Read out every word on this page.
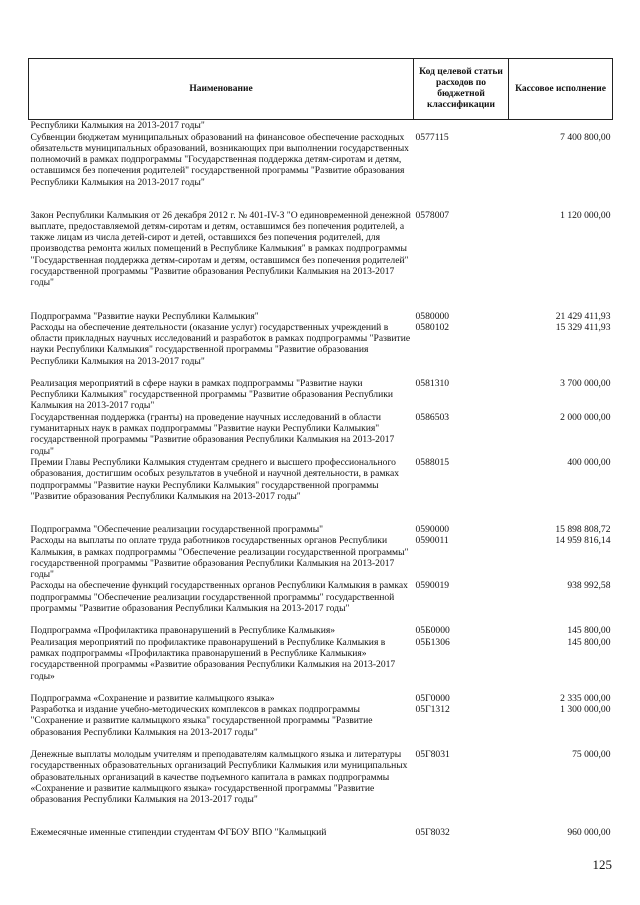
Наименование	Код целевой статьи расходов по бюджетной классификации	Кассовое исполнение
Республики Калмыкия на 2013-2017 годы"		
Субвенции бюджетам муниципальных образований на финансовое обеспечение расходных обязательств муниципальных образований, возникающих при выполнении государственных полномочий в рамках подпрограммы "Государственная поддержка детям-сиротам и детям, оставшимся без попечения родителей" государственной программы "Развитие образования Республики Калмыкия на 2013-2017 годы"	0577115	7 400 800,00
Закон Республики Калмыкия от 26 декабря 2012 г. № 401-IV-З "О единовременной денежной выплате, предоставляемой детям-сиротам и детям, оставшимся без попечения родителей, а также лицам из числа детей-сирот и детей, оставшихся без попечения родителей, для производства ремонта жилых помещений в Республике Калмыкия" в рамках подпрограммы "Государственная поддержка детям-сиротам и детям, оставшимся без попечения родителей" государственной программы "Развитие образования Республики Калмыкия на 2013-2017 годы"	0578007	1 120 000,00
Подпрограмма "Развитие науки Республики Калмыкия"	0580000	21 429 411,93
Расходы на обеспечение деятельности (оказание услуг) государственных учреждений в области прикладных научных исследований и разработок в рамках подпрограммы "Развитие науки Республики Калмыкия" государственной программы "Развитие образования Республики Калмыкия на 2013-2017 годы"	0580102	15 329 411,93
Реализация мероприятий в сфере науки в рамках подпрограммы "Развитие науки Республики Калмыкия" государственной программы "Развитие образования Республики Калмыкия на 2013-2017 годы"	0581310	3 700 000,00
Государственная поддержка (гранты) на проведение научных исследований в области гуманитарных наук в рамках подпрограммы "Развитие науки Республики Калмыкия" государственной программы "Развитие образования Республики Калмыкия на 2013-2017 годы"	0586503	2 000 000,00
Премии Главы Республики Калмыкия студентам среднего и высшего профессионального образования, достигшим особых результатов в учебной и научной деятельности, в рамках подпрограммы "Развитие науки Республики Калмыкия" государственной программы "Развитие образования Республики Калмыкия на 2013-2017 годы"	0588015	400 000,00
Подпрограмма "Обеспечение реализации государственной программы"	0590000	15 898 808,72
Расходы на выплаты по оплате труда работников государственных органов Республики Калмыкия, в рамках подпрограммы "Обеспечение реализации государственной программы" государственной программы "Развитие образования Республики Калмыкия на 2013-2017 годы"	0590011	14 959 816,14
Расходы на обеспечение функций государственных органов Республики Калмыкия в рамках подпрограммы "Обеспечение реализации государственной программы" государственной программы "Развитие образования Республики Калмыкия на 2013-2017 годы"	0590019	938 992,58
Подпрограмма «Профилактика правонарушений в Республике Калмыкия»	05Б0000	145 800,00
Реализация мероприятий по профилактике правонарушений в Республике Калмыкия в рамках подпрограммы «Профилактика правонарушений в Республике Калмыкия» государственной программы «Развитие образования Республики Калмыкия на 2013-2017 годы»	05Б1306	145 800,00
Подпрограмма «Сохранение и развитие калмыцкого языка»	05Г0000	2 335 000,00
Разработка и издание учебно-методических комплексов в рамках подпрограммы "Сохранение и развитие калмыцкого языка" государственной программы "Развитие образования Республики Калмыкия на 2013-2017 годы"	05Г1312	1 300 000,00
Денежные выплаты молодым учителям и преподавателям калмыцкого языка и литературы государственных образовательных организаций Республики Калмыкия или муниципальных образовательных организаций в качестве подъемного капитала в рамках подпрограммы «Сохранение и развитие калмыцкого языка» государственной программы "Развитие образования Республики Калмыкия на 2013-2017 годы"	05Г8031	75 000,00
Ежемесячные именные стипендии студентам ФГБОУ ВПО "Калмыцкий	05Г8032	960 000,00
125
